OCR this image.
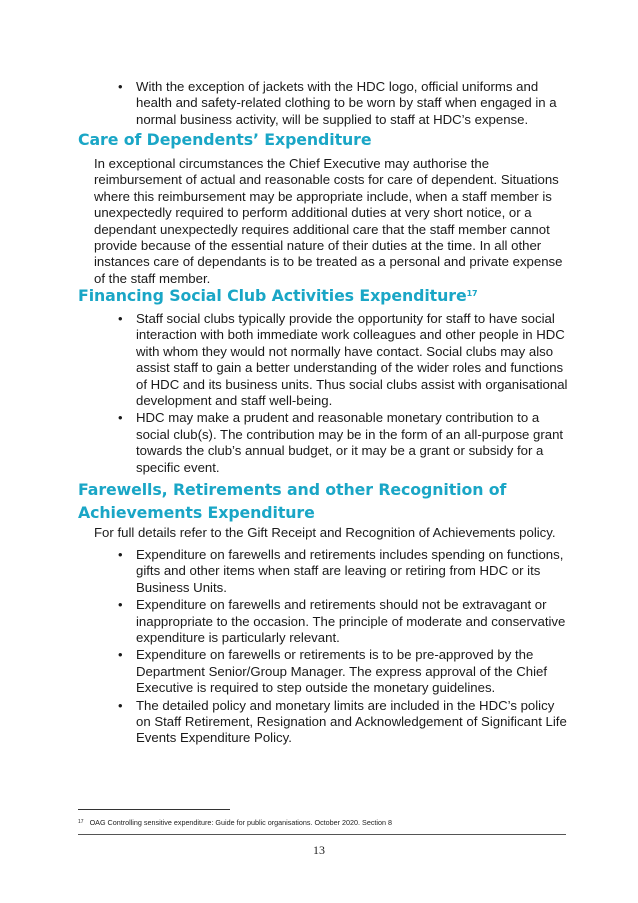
• With the exception of jackets with the HDC logo, official uniforms and health and safety-related clothing to be worn by staff when engaged in a normal business activity, will be supplied to staff at HDC’s expense.
Care of Dependents’ Expenditure

In exceptional circumstances the Chief Executive may authorise the reimbursement of actual and reasonable costs for care of dependent. Situations where this reimbursement may be appropriate include, when a staff member is unexpectedly required to perform additional duties at very short notice, or a dependant unexpectedly requires additional care that the staff member cannot provide because of the essential nature of their duties at the time. In all other instances care of dependants is to be treated as a personal and private expense of the staff member.

Financing Social Club Activities Expenditure$^{17}$
• Staff social clubs typically provide the opportunity for staff to have social interaction with both immediate work colleagues and other people in HDC with whom they would not normally have contact. Social clubs may also assist staff to gain a better understanding of the wider roles and functions of HDC and its business units. Thus social clubs assist with organisational development and staff well-being.
• HDC may make a prudent and reasonable monetary contribution to a social club(s). The contribution may be in the form of an all-purpose grant towards the club’s annual budget, or it may be a grant or subsidy for a specific event.
Farewells, Retirements and other Recognition of Achievements Expenditure

For full details refer to the Gift Receipt and Recognition of Achievements policy.

• Expenditure on farewells and retirements includes spending on functions, gifts and other items when staff are leaving or retiring from HDC or its Business Units.
• Expenditure on farewells and retirements should not be extravagant or inappropriate to the occasion. The principle of moderate and conservative expenditure is particularly relevant.
• Expenditure on farewells or retirements is to be pre-approved by the Department Senior/Group Manager. The express approval of the Chief Executive is required to step outside the monetary guidelines.
• The detailed policy and monetary limits are included in the HDC’s policy on Staff Retirement, Resignation and Acknowledgement of Significant Life Events Expenditure Policy.
$^{17}$ OAG Controlling sensitive expenditure: Guide for public organisations. October 2020. Section 8
13
